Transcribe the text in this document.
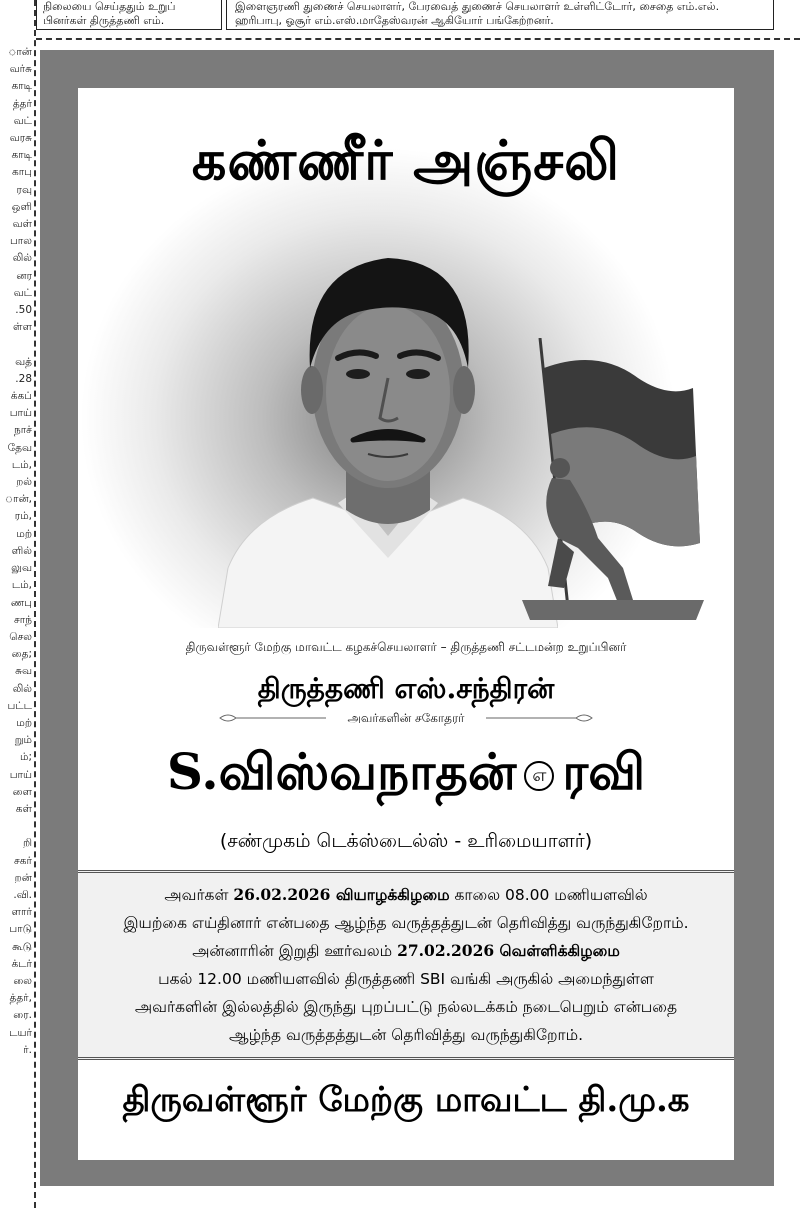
நிலையை செய்ததும் உறுப்
பினர்கள் திருத்தணி எம்.
இளைஞரணி துணைச் செயலாளர், பேரவைத் துணைச் செயலாளர் உள்ளிட்டோர், சைதை எம்.எல்.
ஹரிபாபு, ஓசூர் எம்.எஸ்.மாதேஸ்வரன் ஆகியோர் பங்கேற்றனர்.
ான்
வர்சு
காடி
த்தர்
வட்
வரசு
காடி
காபு
ரவு
ஒளி
வள்
பால
லில்
னர
வட்
.50
ள்ள

வத்
.28
க்கப்
பாய்
நாச்
தேவ
டம்,
றல்
ான்,
ரம்,
மற்
ளில்
லுவ
டம்,
ணபு
சாந்
செல
தை;
சுவ
லில்
பட்ட
மற்
றும்
ம்;
பாய்
ளை
கள்

றி
சகர்
றன்
.வி.
ளார்
பாடு
கூடு
க்டர்
லை
த்தர்,
ரை.
டயர்
ர்.
கண்ணீர் அஞ்சலி
திருவள்ளூர் மேற்கு மாவட்ட கழகச்செயலாளர் – திருத்தணி சட்டமன்ற உறுப்பினர்
திருத்தணி எஸ்.சந்திரன்
அவர்களின் சகோதரர்
S.விஸ்வநாதன் எ ரவி
(சண்முகம் டெக்ஸ்டைல்ஸ் - உரிமையாளர்)
அவர்கள் 26.02.2026 வியாழக்கிழமை காலை 08.00 மணியளவில்
இயற்கை எய்தினார் என்பதை ஆழ்ந்த வருத்தத்துடன் தெரிவித்து வருந்துகிறோம்.
அன்னாரின் இறுதி ஊர்வலம் 27.02.2026 வெள்ளிக்கிழமை
பகல் 12.00 மணியளவில் திருத்தணி SBI வங்கி அருகில் அமைந்துள்ள
அவர்களின் இல்லத்தில் இருந்து புறப்பட்டு நல்லடக்கம் நடைபெறும் என்பதை
ஆழ்ந்த வருத்தத்துடன் தெரிவித்து வருந்துகிறோம்.
திருவள்ளூர் மேற்கு மாவட்ட தி.மு.க
